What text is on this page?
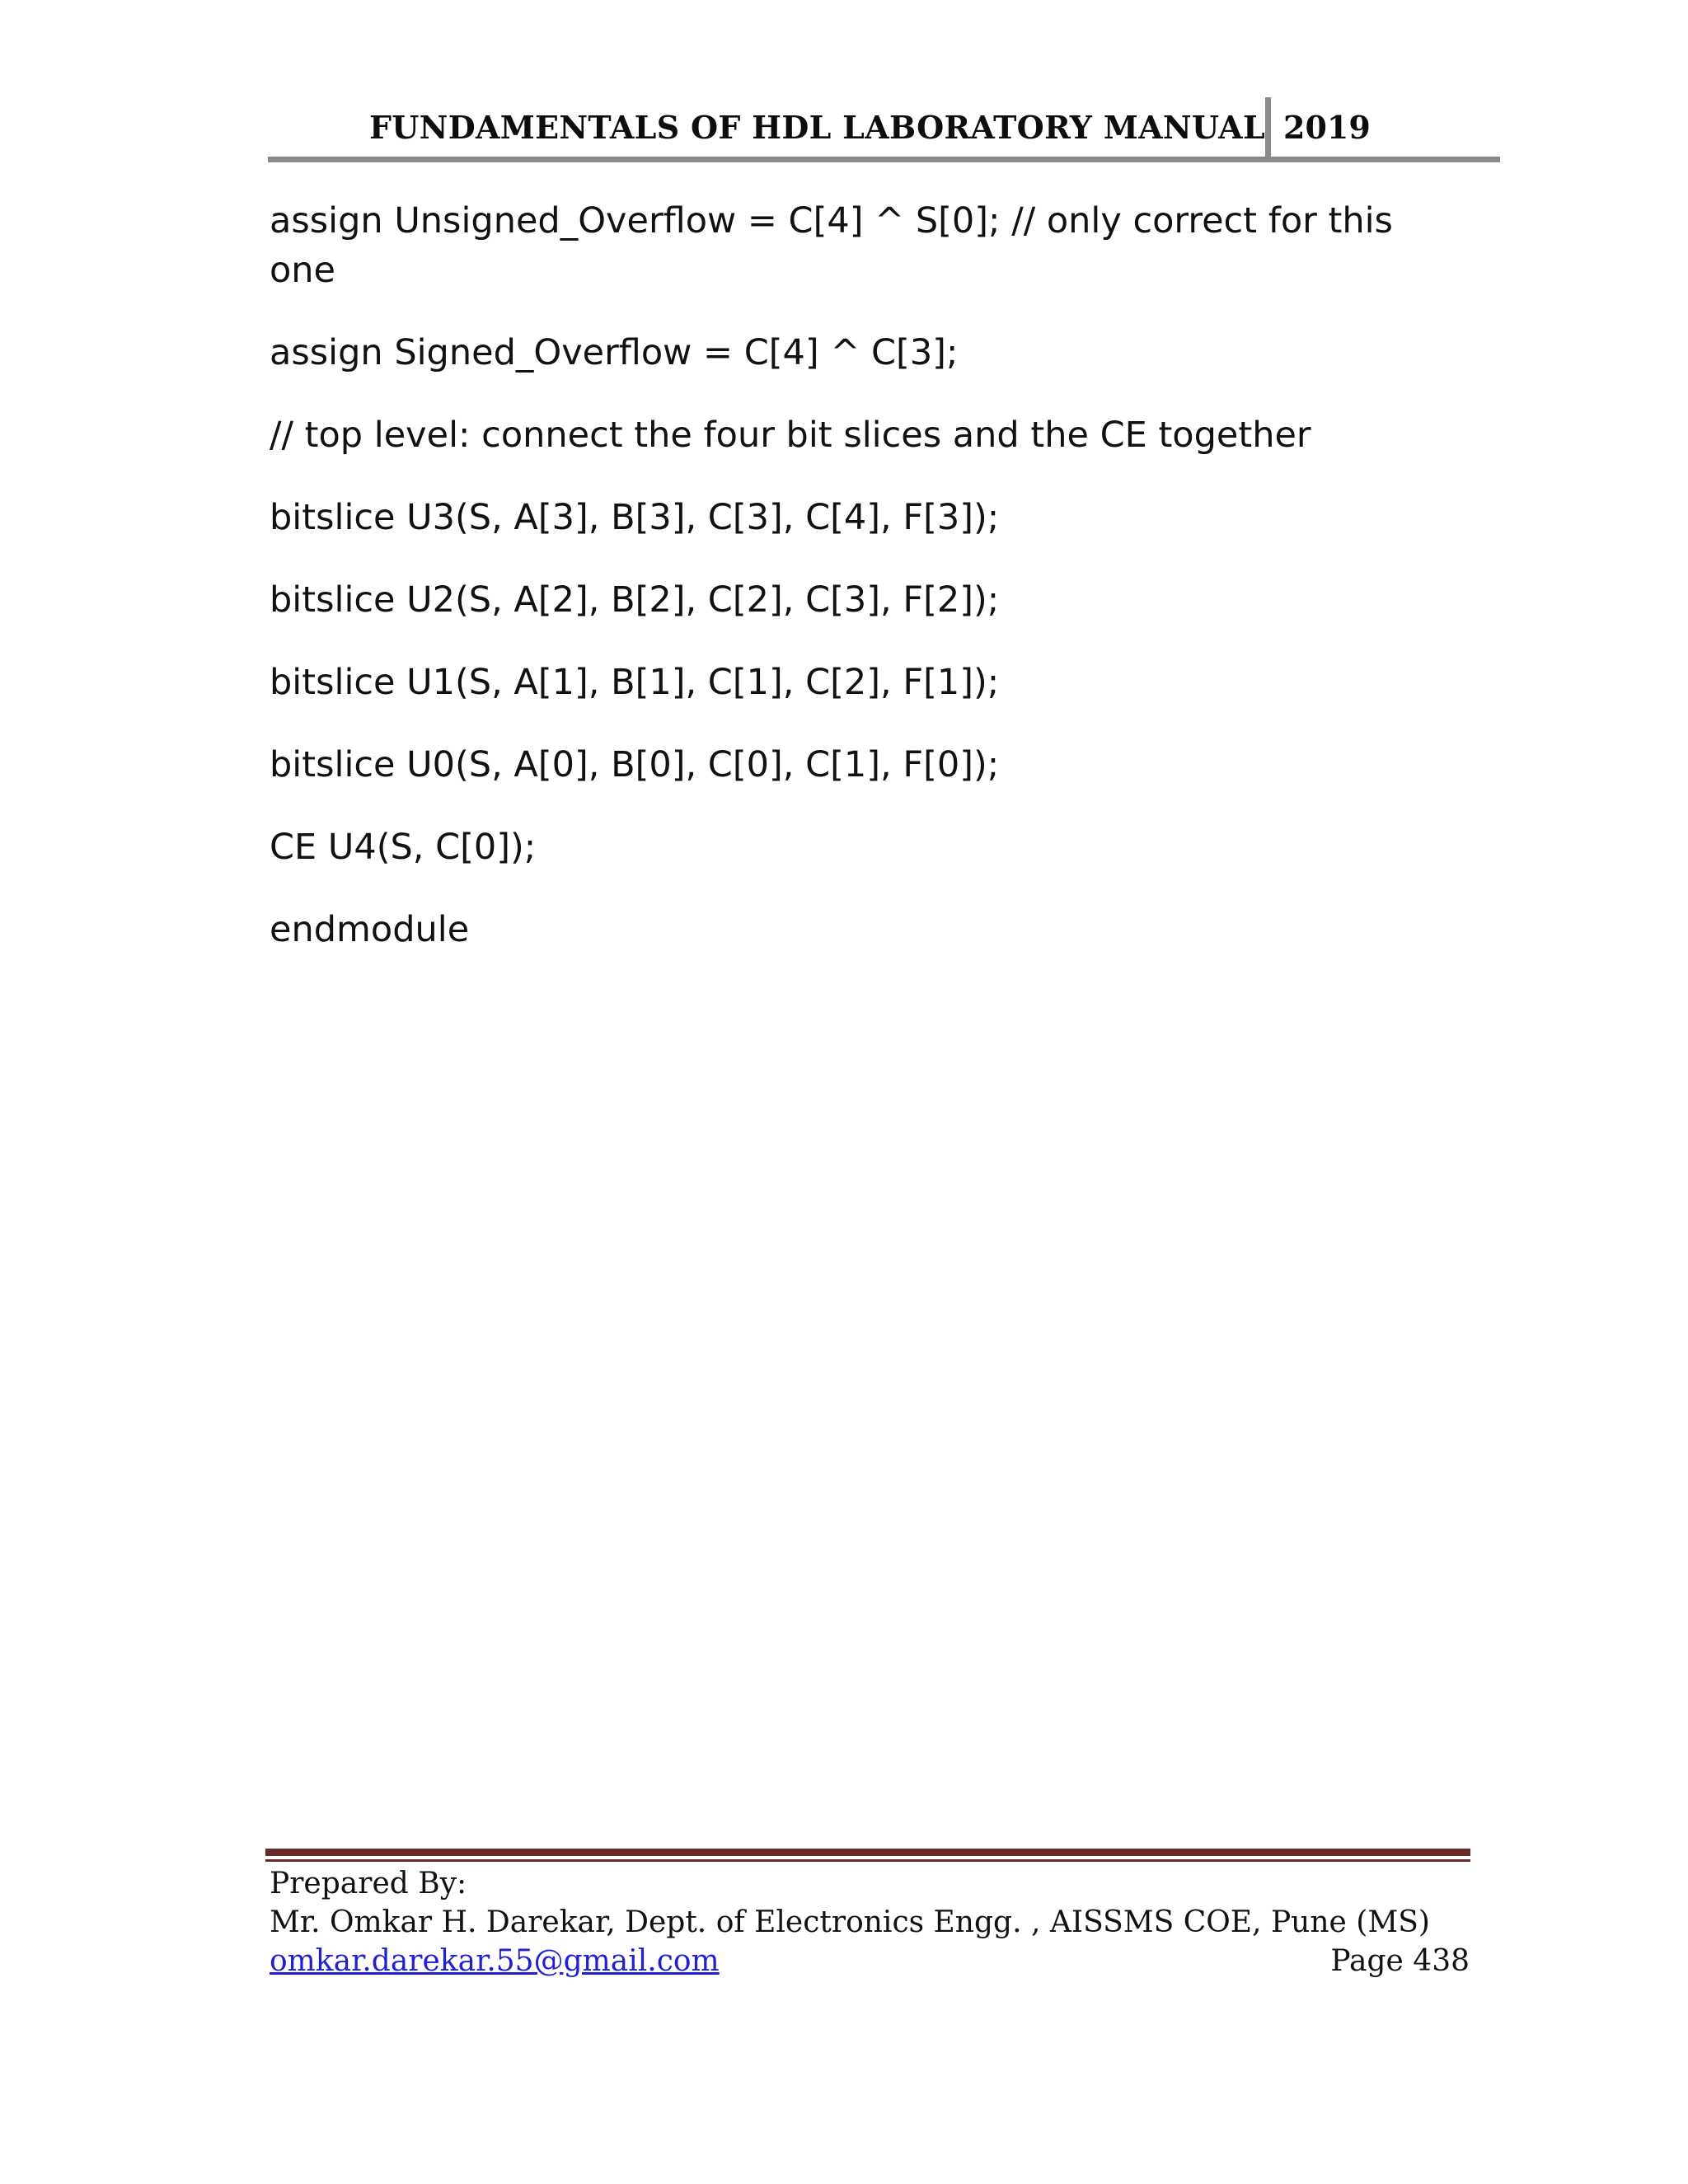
FUNDAMENTALS OF HDL LABORATORY MANUAL 2019

assign Unsigned_Overflow = C[4] ^ S[0]; // only correct for this one

assign Signed_Overflow = C[4] ^ C[3];

// top level: connect the four bit slices and the CE together

bitslice U3(S, A[3], B[3], C[3], C[4], F[3]);

bitslice U2(S, A[2], B[2], C[2], C[3], F[2]);

bitslice U1(S, A[1], B[1], C[1], C[2], F[1]);

bitslice U0(S, A[0], B[0], C[0], C[1], F[0]);

CE U4(S, C[0]);

endmodule

Prepared By:
Mr. Omkar H. Darekar, Dept. of Electronics Engg. , AISSMS COE, Pune (MS)
omkar.darekar.55@gmail.com	Page 438
